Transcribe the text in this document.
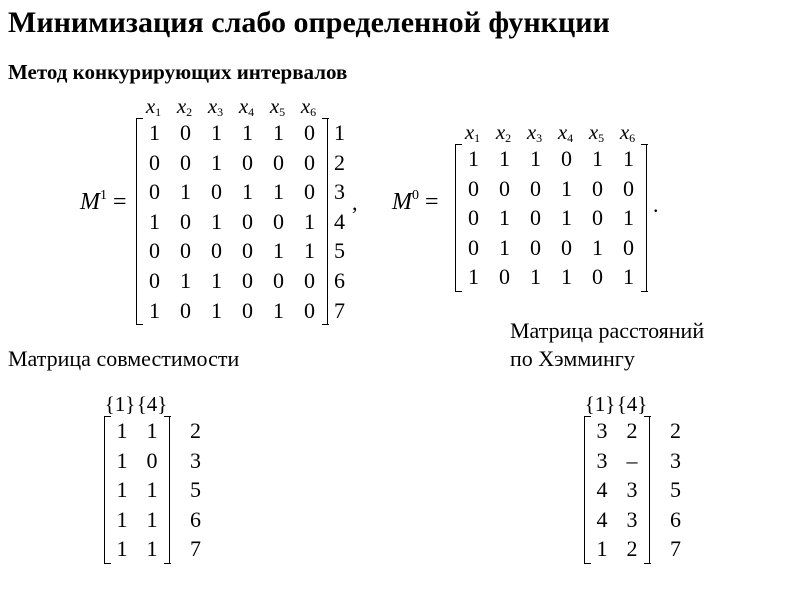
Минимизация слабо определенной функции
Метод конкурирующих интервалов
$M^1$ =
$x_1$ $x_2$ $x_3$ $x_4$ $x_5$ $x_6$
1 0 1 1 1 0
0 0 1 0 0 0
0 1 0 1 1 0
1 0 1 0 0 1
0 0 0 0 1 1
0 1 1 0 0 0
1 0 1 0 1 0
1
2
3
4
5
6
7
, $M^0$ =
$x_1$ $x_2$ $x_3$ $x_4$ $x_5$ $x_6$
1 1 1 0 1 1
0 0 0 1 0 0
0 1 0 1 0 1
0 1 0 0 1 0
1 0 1 1 0 1
.
Матрица совместимости
Матрица расстояний
по Хэммингу
{1} {4}
1 1
1 0
1 1
1 1
1 1
2
3
5
6
7
{1} {4}
3 2
3 –
4 3
4 3
1 2
2
3
5
6
7
